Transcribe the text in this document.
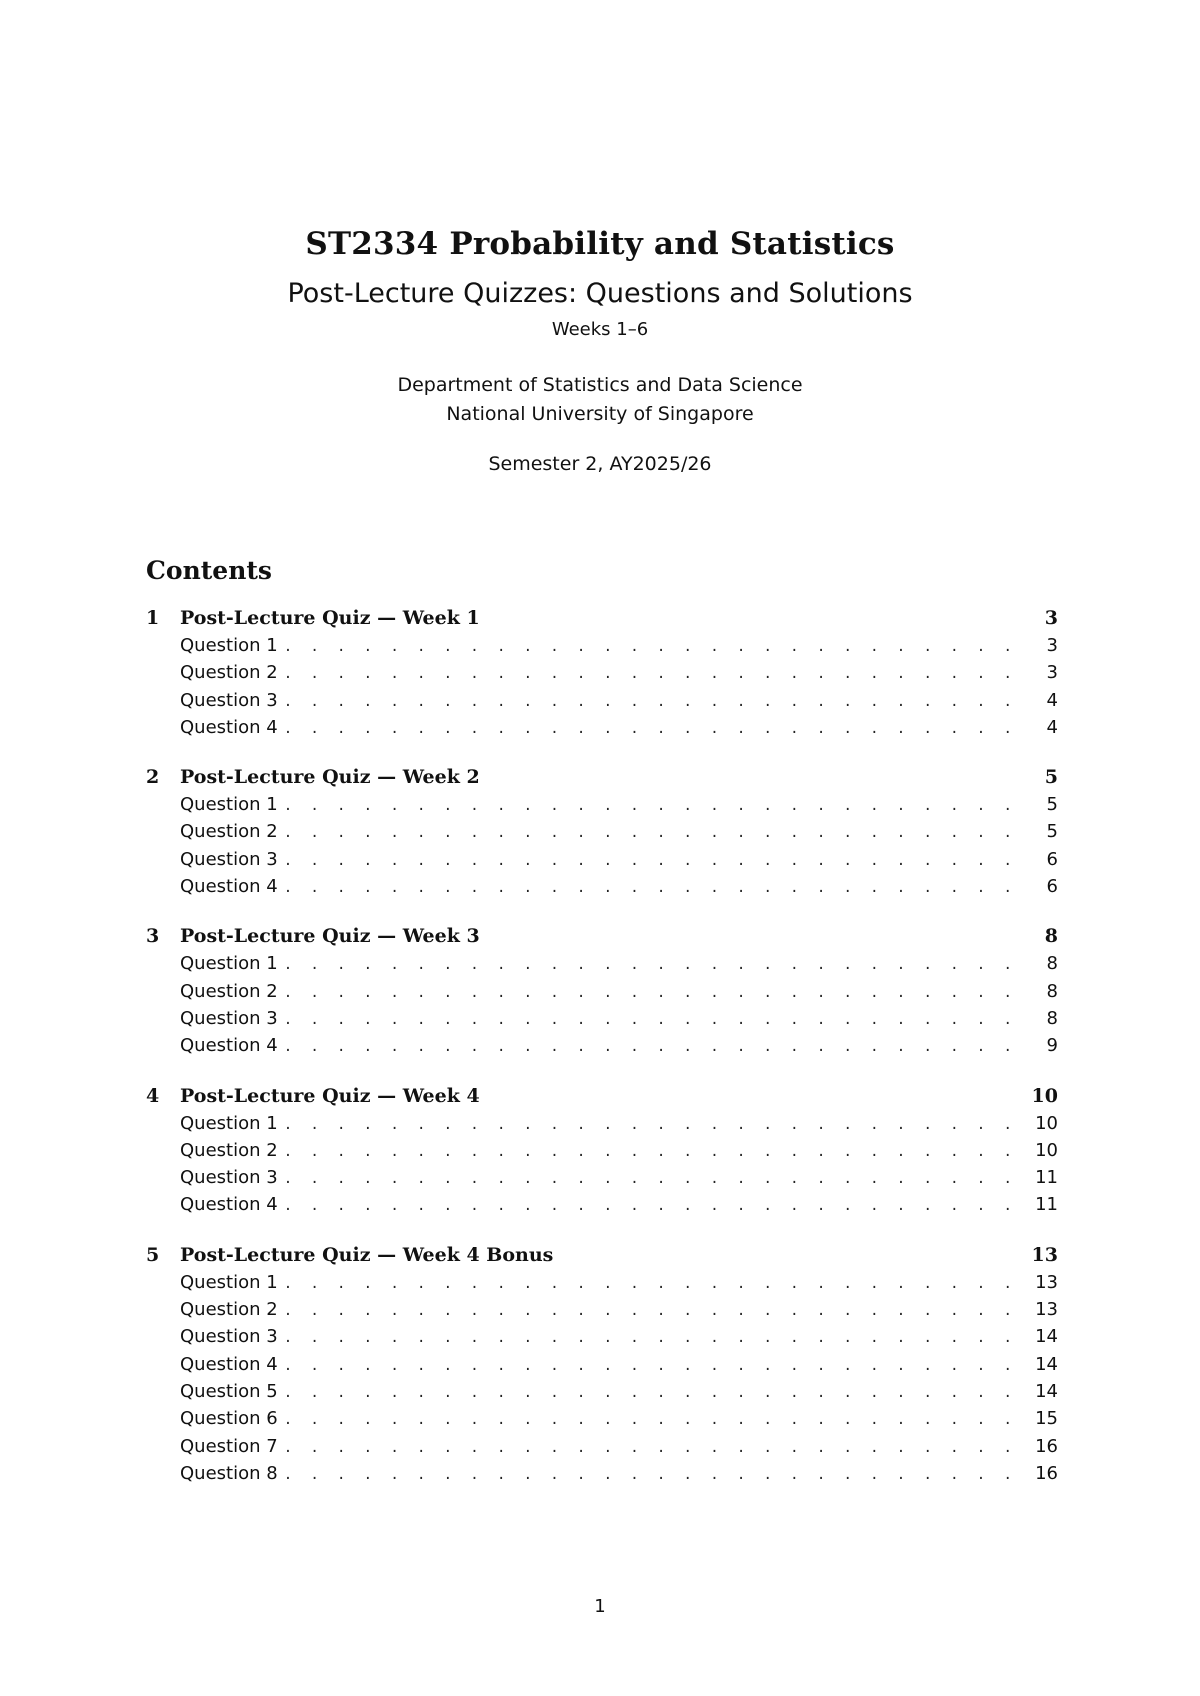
ST2334 Probability and Statistics
Post-Lecture Quizzes: Questions and Solutions
Weeks 1–6
Department of Statistics and Data Science
National University of Singapore
Semester 2, AY2025/26
Contents
1	Post-Lecture Quiz — Week 1	3
Question 1 . . .	3
Question 2 . . .	3
Question 3 . . .	4
Question 4 . . .	4
2	Post-Lecture Quiz — Week 2	5
Question 1 . . .	5
Question 2 . . .	5
Question 3 . . .	6
Question 4 . . .	6
3	Post-Lecture Quiz — Week 3	8
Question 1 . . .	8
Question 2 . . .	8
Question 3 . . .	8
Question 4 . . .	9
4	Post-Lecture Quiz — Week 4	10
Question 1 . . .	10
Question 2 . . .	10
Question 3 . . .	11
Question 4 . . .	11
5	Post-Lecture Quiz — Week 4 Bonus	13
Question 1 . . .	13
Question 2 . . .	13
Question 3 . . .	14
Question 4 . . .	14
Question 5 . . .	14
Question 6 . . .	15
Question 7 . . .	16
Question 8 . . .	16
1
